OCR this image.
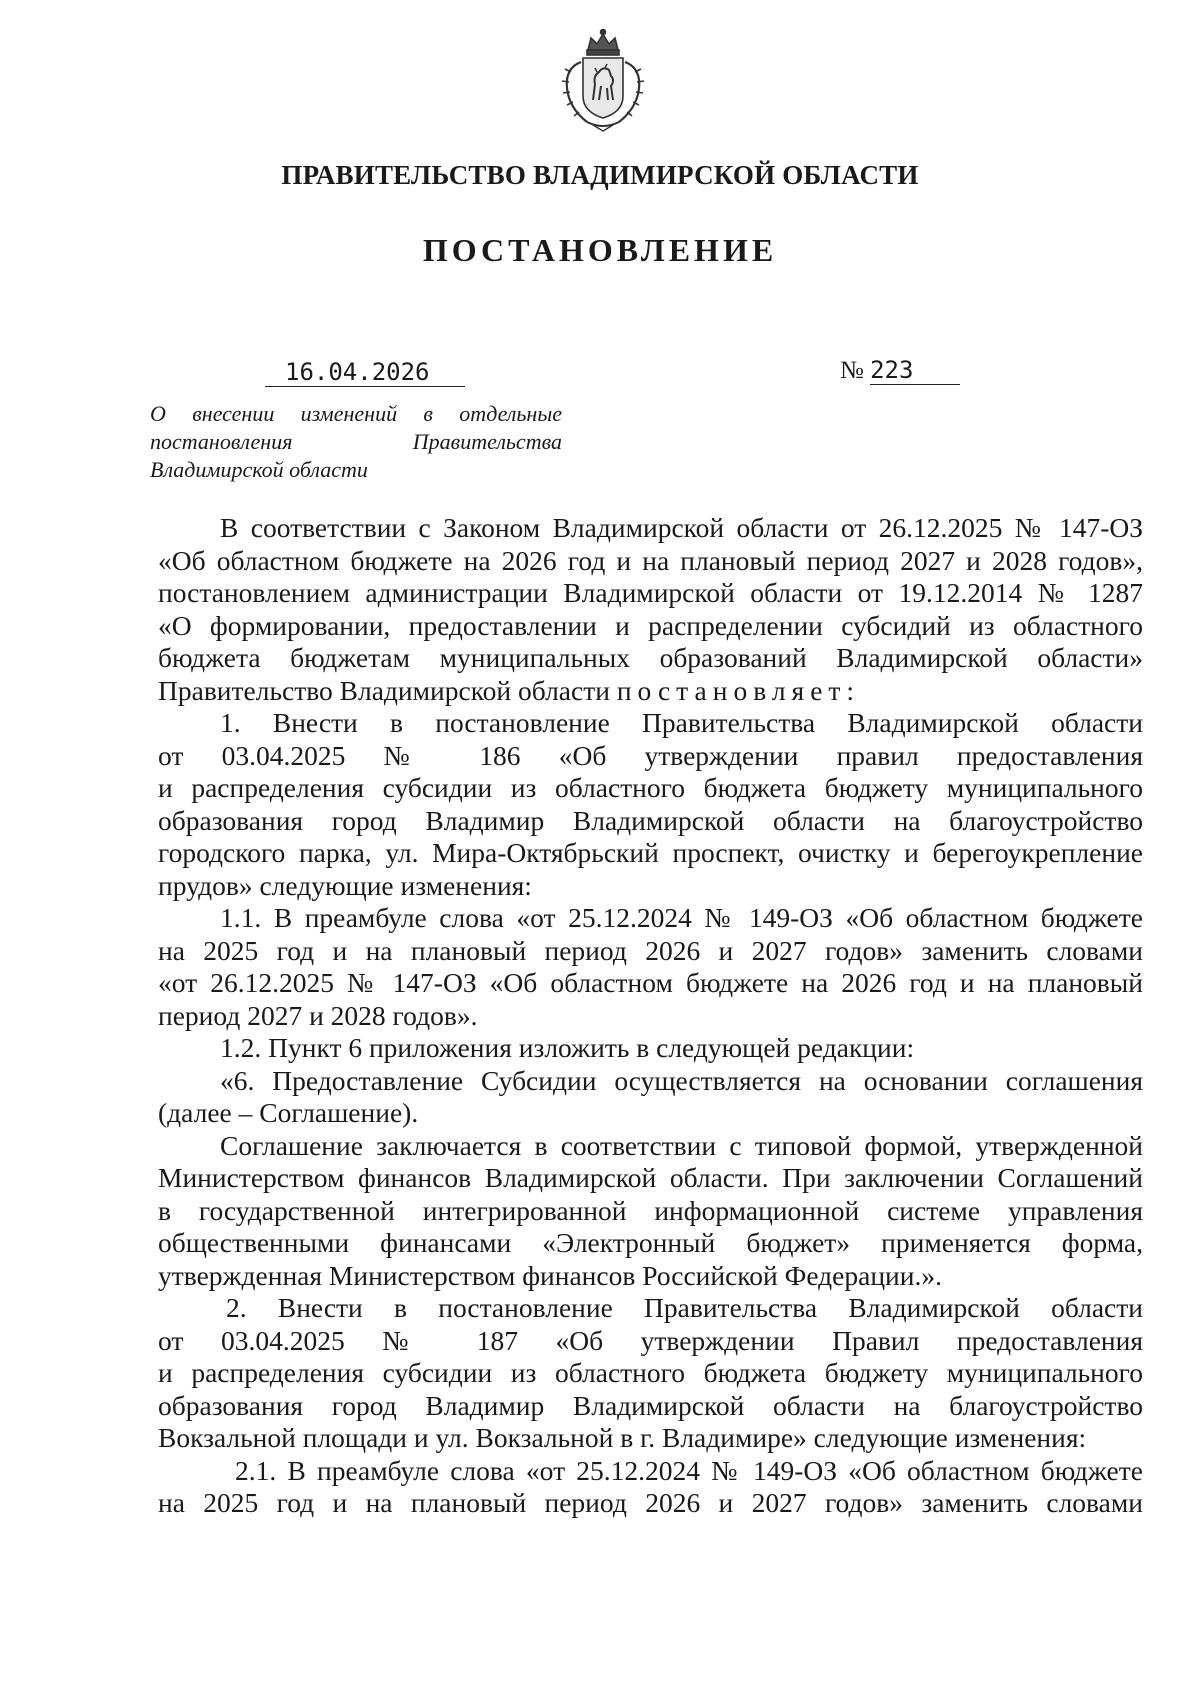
ПРАВИТЕЛЬСТВО ВЛАДИМИРСКОЙ ОБЛАСТИ
ПОСТАНОВЛЕНИЕ
16.04.2026	№ 223
О внесении изменений в отдельные
постановления Правительства
Владимирской области
В соответствии с Законом Владимирской области от 26.12.2025 № 147-ОЗ
«Об областном бюджете на 2026 год и на плановый период 2027 и 2028 годов»,
постановлением администрации Владимирской области от 19.12.2014 № 1287
«О формировании, предоставлении и распределении субсидий из областного
бюджета бюджетам муниципальных образований Владимирской области»
Правительство Владимирской области постановляет:
1. Внести в постановление Правительства Владимирской области
от 03.04.2025 № 186 «Об утверждении правил предоставления
и распределения субсидии из областного бюджета бюджету муниципального
образования город Владимир Владимирской области на благоустройство
городского парка, ул. Мира-Октябрьский проспект, очистку и берегоукрепление
прудов» следующие изменения:
1.1. В преамбуле слова «от 25.12.2024 № 149-ОЗ «Об областном бюджете
на 2025 год и на плановый период 2026 и 2027 годов» заменить словами
«от 26.12.2025 № 147-ОЗ «Об областном бюджете на 2026 год и на плановый
период 2027 и 2028 годов».
1.2. Пункт 6 приложения изложить в следующей редакции:
«6. Предоставление Субсидии осуществляется на основании соглашения
(далее – Соглашение).
Соглашение заключается в соответствии с типовой формой, утвержденной
Министерством финансов Владимирской области. При заключении Соглашений
в государственной интегрированной информационной системе управления
общественными финансами «Электронный бюджет» применяется форма,
утвержденная Министерством финансов Российской Федерации.».
2. Внести в постановление Правительства Владимирской области
от 03.04.2025 № 187 «Об утверждении Правил предоставления
и распределения субсидии из областного бюджета бюджету муниципального
образования город Владимир Владимирской области на благоустройство
Вокзальной площади и ул. Вокзальной в г. Владимире» следующие изменения:
2.1. В преамбуле слова «от 25.12.2024 № 149-ОЗ «Об областном бюджете
на 2025 год и на плановый период 2026 и 2027 годов» заменить словами
